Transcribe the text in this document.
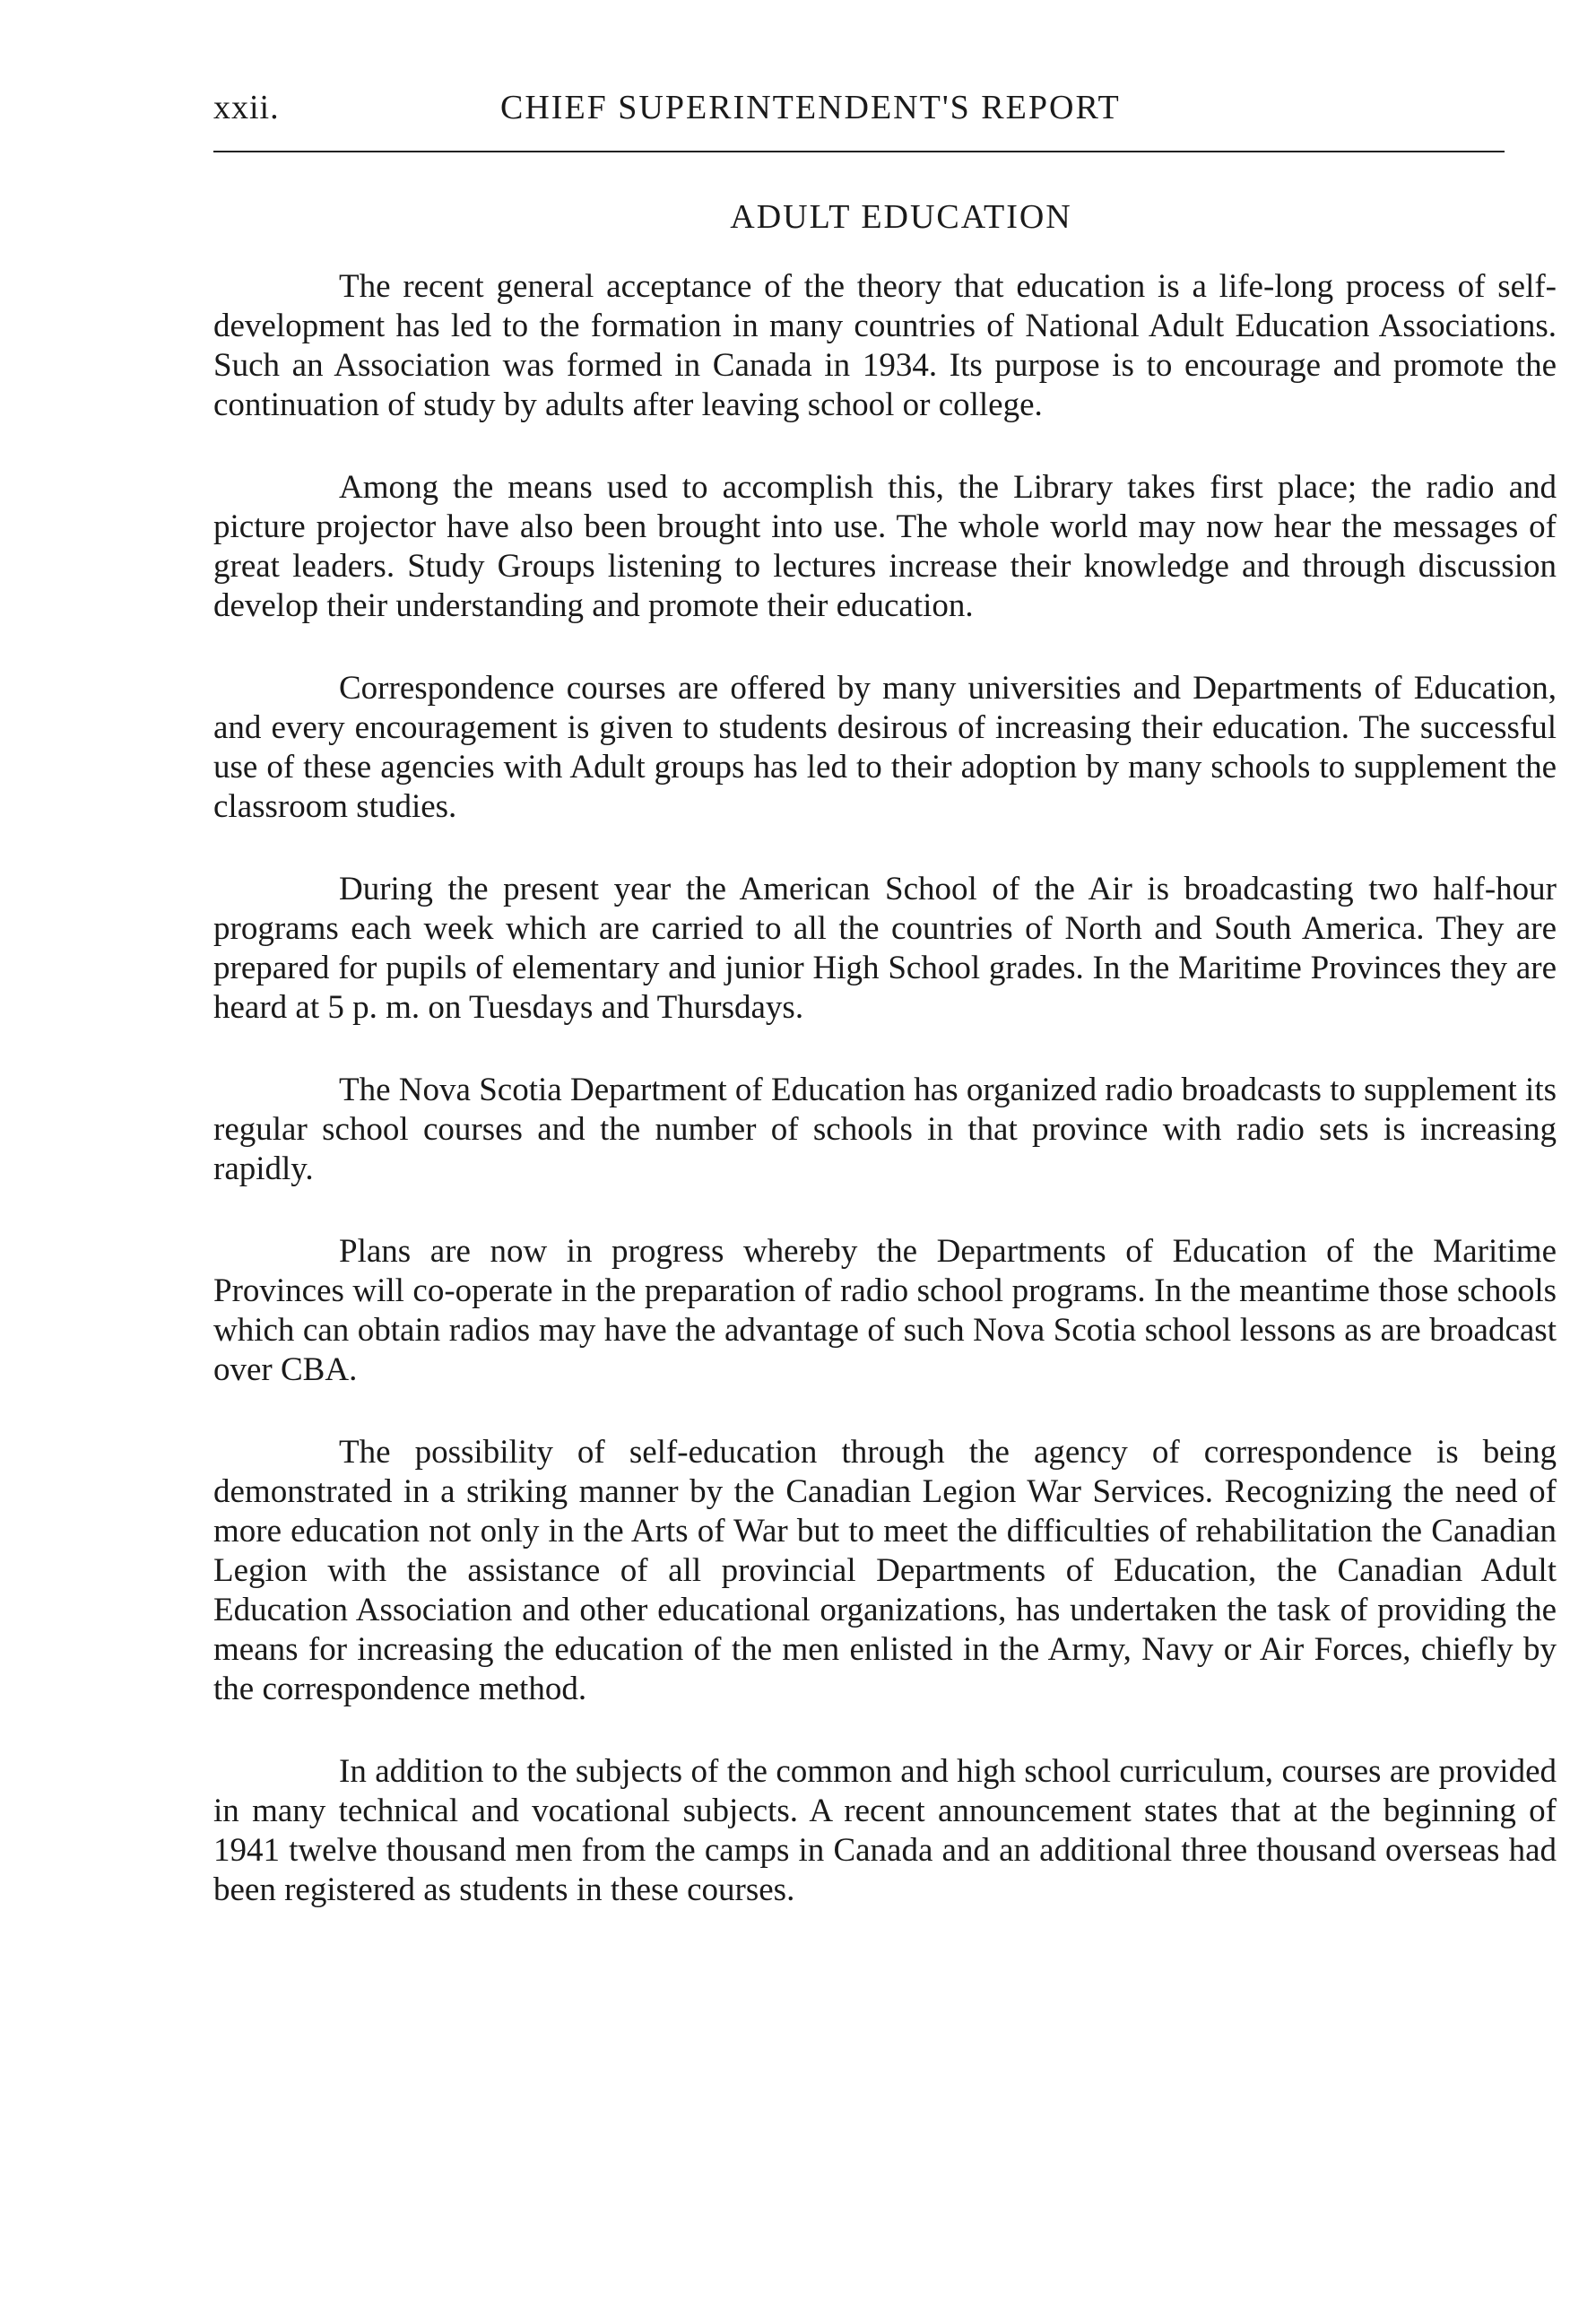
xxii.	CHIEF SUPERINTENDENT'S REPORT
ADULT EDUCATION

The recent general acceptance of the theory that education is a life-long process of self-development has led to the formation in many countries of National Adult Education Associations. Such an Association was formed in Canada in 1934. Its purpose is to encourage and promote the continuation of study by adults after leaving school or college.

Among the means used to accomplish this, the Library takes first place; the radio and picture projector have also been brought into use. The whole world may now hear the messages of great leaders. Study Groups listening to lectures increase their knowledge and through discussion develop their understanding and promote their education.

Correspondence courses are offered by many universities and Departments of Education, and every encouragement is given to students desirous of increasing their education. The successful use of these agencies with Adult groups has led to their adoption by many schools to supplement the classroom studies.

During the present year the American School of the Air is broadcasting two half-hour programs each week which are carried to all the countries of North and South America. They are prepared for pupils of elementary and junior High School grades. In the Maritime Provinces they are heard at 5 p. m. on Tuesdays and Thursdays.

The Nova Scotia Department of Education has organized radio broadcasts to supplement its regular school courses and the number of schools in that province with radio sets is increasing rapidly.

Plans are now in progress whereby the Departments of Education of the Maritime Provinces will co-operate in the preparation of radio school programs. In the meantime those schools which can obtain radios may have the advantage of such Nova Scotia school lessons as are broadcast over CBA.

The possibility of self-education through the agency of correspondence is being demonstrated in a striking manner by the Canadian Legion War Services. Recognizing the need of more education not only in the Arts of War but to meet the difficulties of rehabilitation the Canadian Legion with the assistance of all provincial Departments of Education, the Canadian Adult Education Association and other educational organizations, has undertaken the task of providing the means for increasing the education of the men enlisted in the Army, Navy or Air Forces, chiefly by the correspondence method.

In addition to the subjects of the common and high school curriculum, courses are provided in many technical and vocational subjects. A recent announcement states that at the beginning of 1941 twelve thousand men from the camps in Canada and an additional three thousand overseas had been registered as students in these courses.
